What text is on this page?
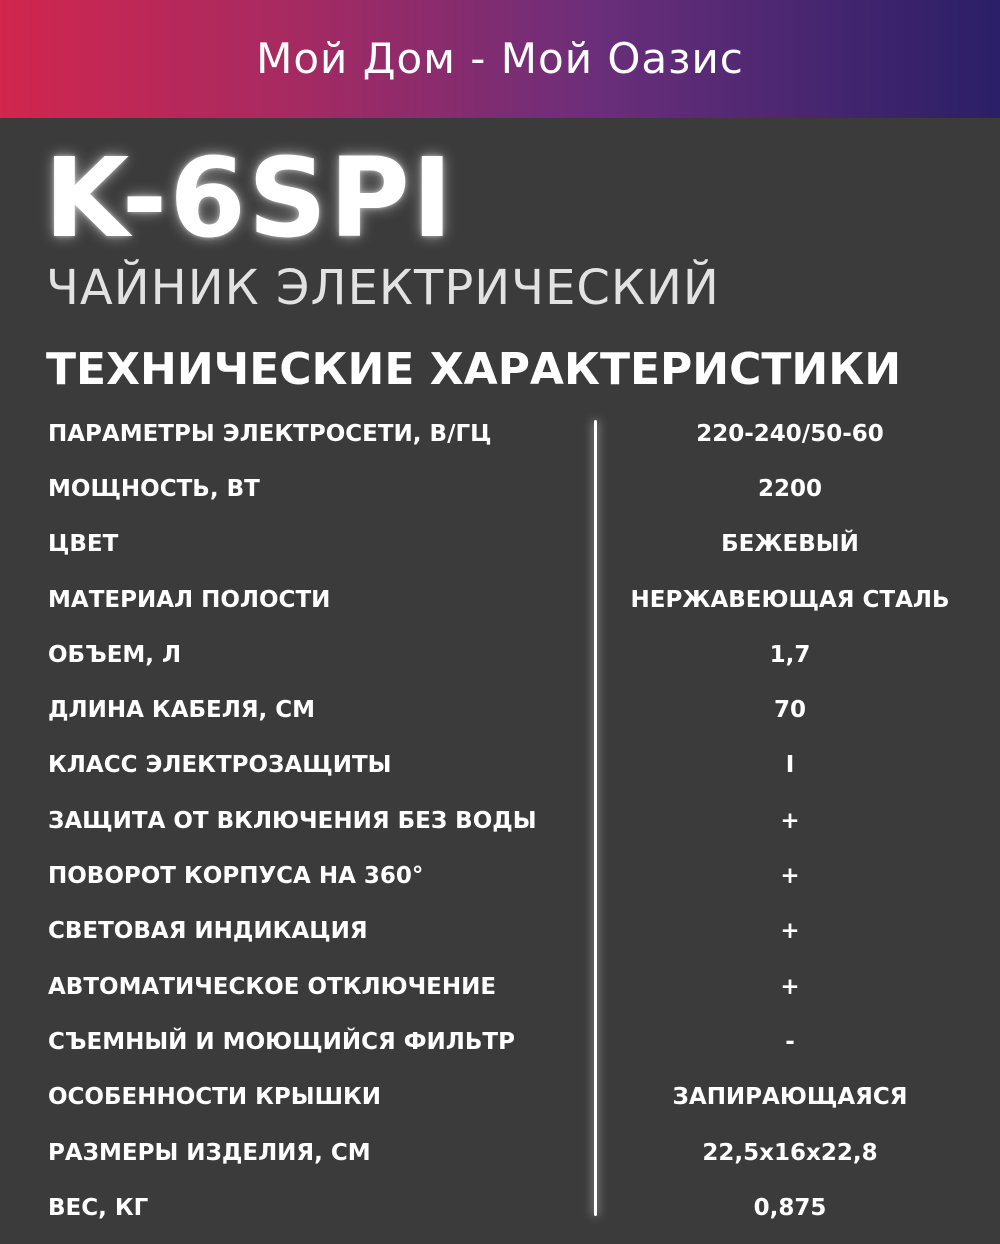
Мой Дом - Мой Оазис
K-6SPI
ЧАЙНИК ЭЛЕКТРИЧЕСКИЙ
ТЕХНИЧЕСКИЕ ХАРАКТЕРИСТИКИ
ПАРАМЕТРЫ ЭЛЕКТРОСЕТИ, В/ГЦ	220-240/50-60
МОЩНОСТЬ, ВТ	2200
ЦВЕТ	БЕЖЕВЫЙ
МАТЕРИАЛ ПОЛОСТИ	НЕРЖАВЕЮЩАЯ СТАЛЬ
ОБЪЕМ, Л	1,7
ДЛИНА КАБЕЛЯ, СМ	70
КЛАСС ЭЛЕКТРОЗАЩИТЫ	I
ЗАЩИТА ОТ ВКЛЮЧЕНИЯ БЕЗ ВОДЫ	+
ПОВОРОТ КОРПУСА НА 360°	+
СВЕТОВАЯ ИНДИКАЦИЯ	+
АВТОМАТИЧЕСКОЕ ОТКЛЮЧЕНИЕ	+
СЪЕМНЫЙ И МОЮЩИЙСЯ ФИЛЬТР	-
ОСОБЕННОСТИ КРЫШКИ	ЗАПИРАЮЩАЯСЯ
РАЗМЕРЫ ИЗДЕЛИЯ, СМ	22,5x16x22,8
ВЕС, КГ	0,875
